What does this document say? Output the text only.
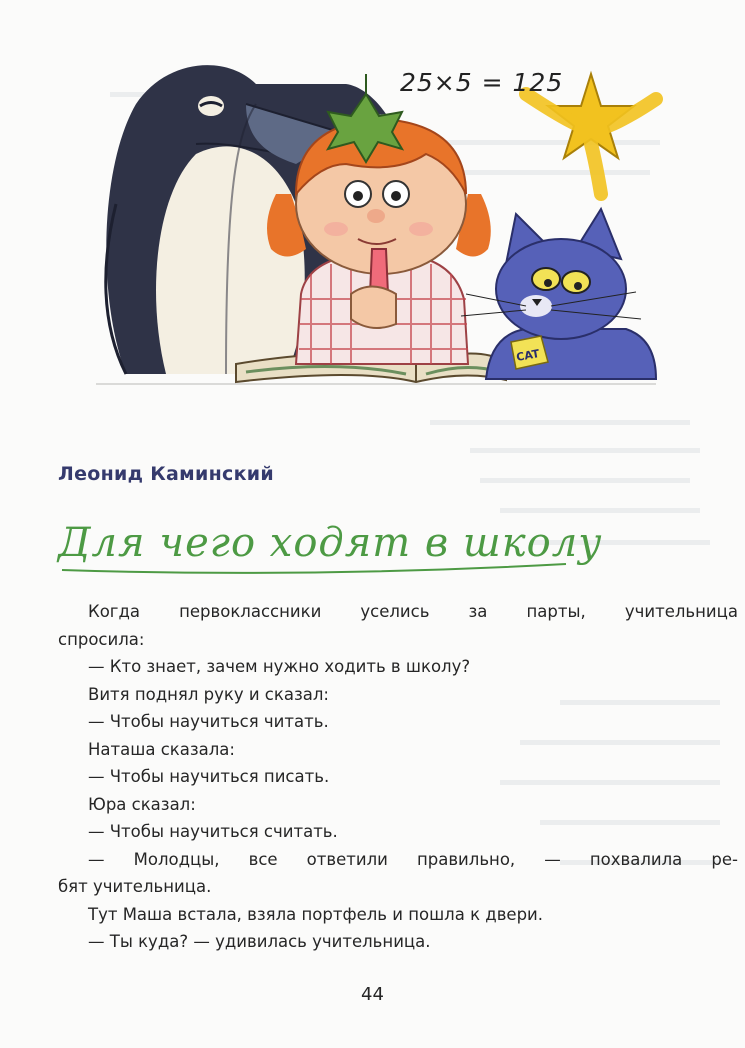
CAT
25×5 = 125
Леонид Каминский
Для чего ходят в школу

Когда первоклассники уселись за парты, учительница

спросила:

— Кто знает, зачем нужно ходить в школу?

Витя поднял руку и сказал:

— Чтобы научиться читать.

Наташа сказала:

— Чтобы научиться писать.

Юра сказал:

— Чтобы научиться считать.

— Молодцы, все ответили правильно, — похвалила ре-

бят учительница.

Тут Маша встала, взяла портфель и пошла к двери.

— Ты куда? — удивилась учительница.

44
